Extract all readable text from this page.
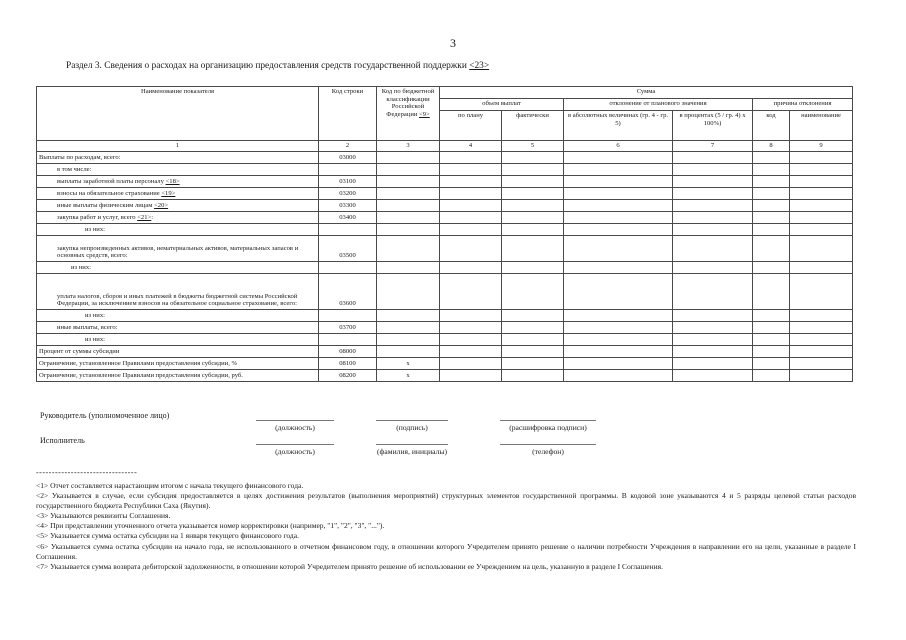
3
Раздел 3. Сведения о расходах на организацию предоставления средств государственной поддержки <23>
Наименование показателя	Код строки	Код по бюджетной классификации Российской Федерации <9>	Сумма					
			объем выплат		отклонение от планового значения		причина отклонения	
			по плану	фактически	в абсолютных величинах (гр. 4 - гр. 5)	в процентах (5 / гр. 4) х 100%)	код	наименование
1	2	3	4	5	6	7	8	9
Выплаты по расходам, всего:	03000							
в том числе:								
выплаты заработной платы персоналу <18>	03100							
взносы на обязательное страхование <19>	03200							
иные выплаты физическим лицам <20>	03300							
закупка работ и услуг, всего <21>:	03400							
из них:								
закупка непроизведенных активов, нематериальных активов, материальных запасов и основных средств, всего:	03500							
из них:								
уплата налогов, сборов и иных платежей в бюджеты бюджетной системы Российской Федерации, за исключением взносов на обязательное социальное страхование, всего:	03600							
из них:								
иные выплаты, всего:	03700							
из них:								
Процент от суммы субсидии	08000							
Ограничение, установленное Правилами предоставления субсидии, %	08100	х						
Ограничение, установленное Правилами предоставления субсидии, руб.	08200	х						
Руководитель (уполномоченное лицо)
(должность)	(подпись)	(расшифровка подписи)
Исполнитель
(должность)	(фамилия, инициалы)	(телефон)
--------------------------------
<1> Отчет составляется нарастающим итогом с начала текущего финансового года.
<2> Указывается в случае, если субсидия предоставляется в целях достижения результатов (выполнения мероприятий) структурных элементов государственной программы. В кодовой зоне указываются 4 и 5 разряды целевой статьи расходов государственного бюджета Республики Саха (Якутия).
<3> Указываются реквизиты Соглашения.
<4> При представлении уточненного отчета указывается номер корректировки (например, "1", "2", "3", "...").
<5> Указывается сумма остатка субсидии на 1 января текущего финансового года.
<6> Указывается сумма остатка субсидии на начало года, не использованного в отчетном финансовом году, в отношении которого Учредителем принято решение о наличии потребности Учреждения в направлении его на цели, указанные в разделе I Соглашения.
<7> Указывается сумма возврата дебиторской задолженности, в отношении которой Учредителем принято решение об использовании ее Учреждением на цель, указанную в разделе I Соглашения.
